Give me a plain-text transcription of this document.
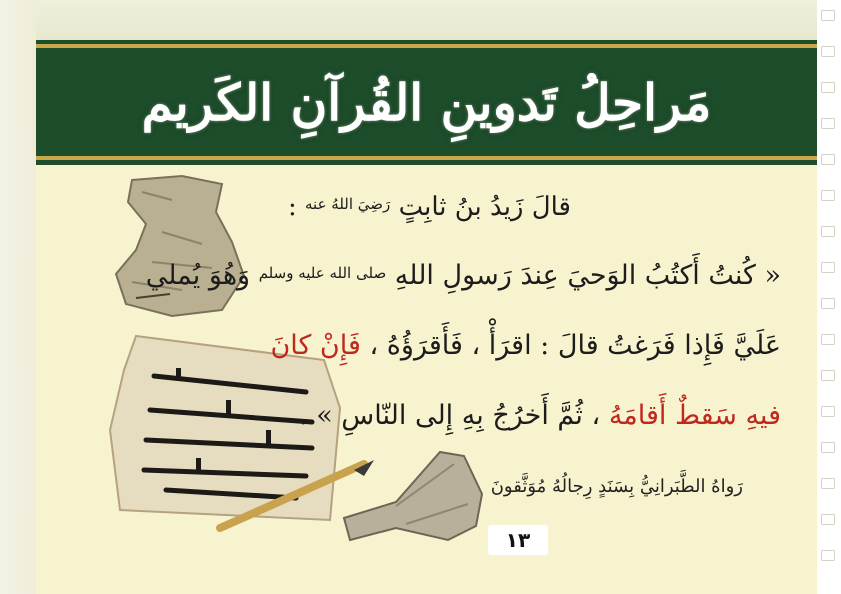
مَراحِلُ تَدوينِ القُرآنِ الكَريم
قالَ زَيدُ بنُ ثابِتٍ $^{رَضِيَ اللهُ عنه}$ :
« كُنتُ أَكتُبُ الوَحيَ عِندَ رَسولِ اللهِ $^{صلى الله عليه وسلم}$ وَهُوَ يُملي
عَلَيَّ فَإِذا فَرَغتُ قالَ : اقرَأْ ، فَأَقرَؤُهُ ، فَإِنْ كانَ
فيهِ سَقطٌ أَقامَهُ ، ثُمَّ أَخرُجُ بِهِ إِلى النّاسِ » .
رَواهُ الطَّبَرانِيُّ بِسَنَدٍ رِجالُهُ مُوَثَّقونَ
١٣
